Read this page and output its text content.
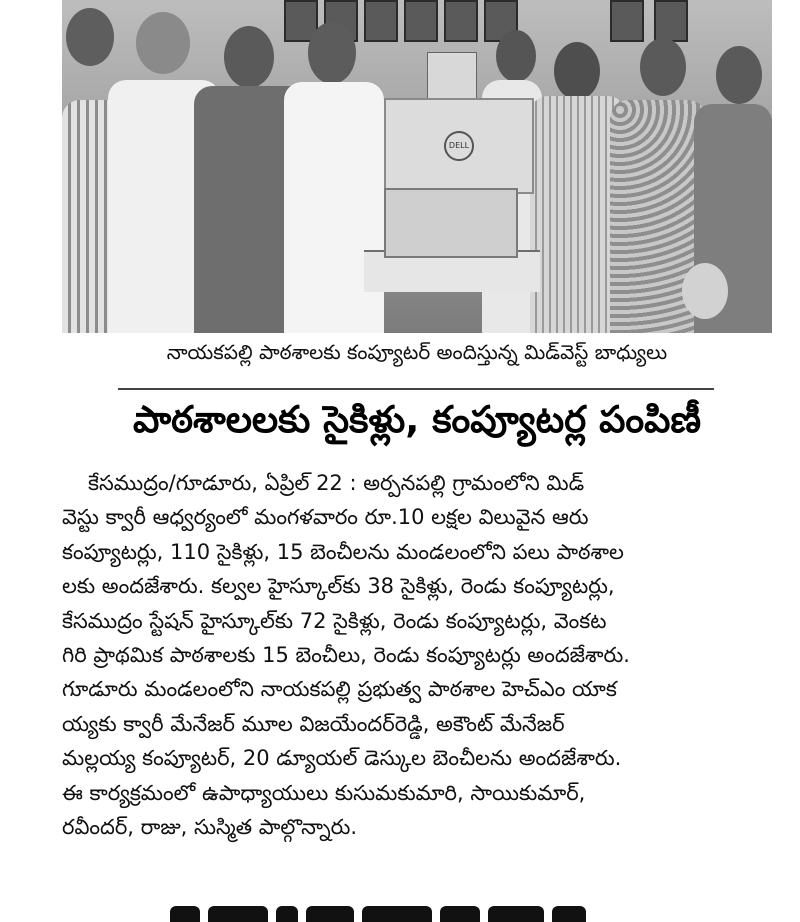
DELL
నాయకపల్లి పాఠశాలకు కంప్యూటర్ అందిస్తున్న మిడ్‌వెస్ట్ బాధ్యులు
పాఠశాలలకు సైకిళ్లు, కంప్యూటర్ల పంపిణీ
కేసముద్రం/గూడూరు, ఏప్రిల్ 22 : అర్పనపల్లి గ్రామంలోని మిడ్
వెస్టు క్వారీ ఆధ్వర్యంలో మంగళవారం రూ.10 లక్షల విలువైన ఆరు
కంప్యూటర్లు, 110 సైకిళ్లు, 15 బెంచీలను మండలంలోని పలు పాఠశాల
లకు అందజేశారు. కల్వల హైస్కూల్‌కు 38 సైకిళ్లు, రెండు కంప్యూటర్లు,
కేసముద్రం స్టేషన్ హైస్కూల్‌కు 72 సైకిళ్లు, రెండు కంప్యూటర్లు, వెంకట
గిరి ప్రాథమిక పాఠశాలకు 15 బెంచీలు, రెండు కంప్యూటర్లు అందజేశారు.
గూడూరు మండలంలోని నాయకపల్లి ప్రభుత్వ పాఠశాల హెచ్ఎం యాక
య్యకు క్వారీ మేనేజర్ మూల విజయేందర్‌రెడ్డి, అకౌంట్ మేనేజర్
మల్లయ్య కంప్యూటర్, 20 డ్యూయల్ డెస్కుల బెంచీలను అందజేశారు.
ఈ కార్యక్రమంలో ఉపాధ్యాయులు కుసుమకుమారి, సాయికుమార్,
రవీందర్, రాజు, సుస్మిత పాల్గొన్నారు.
